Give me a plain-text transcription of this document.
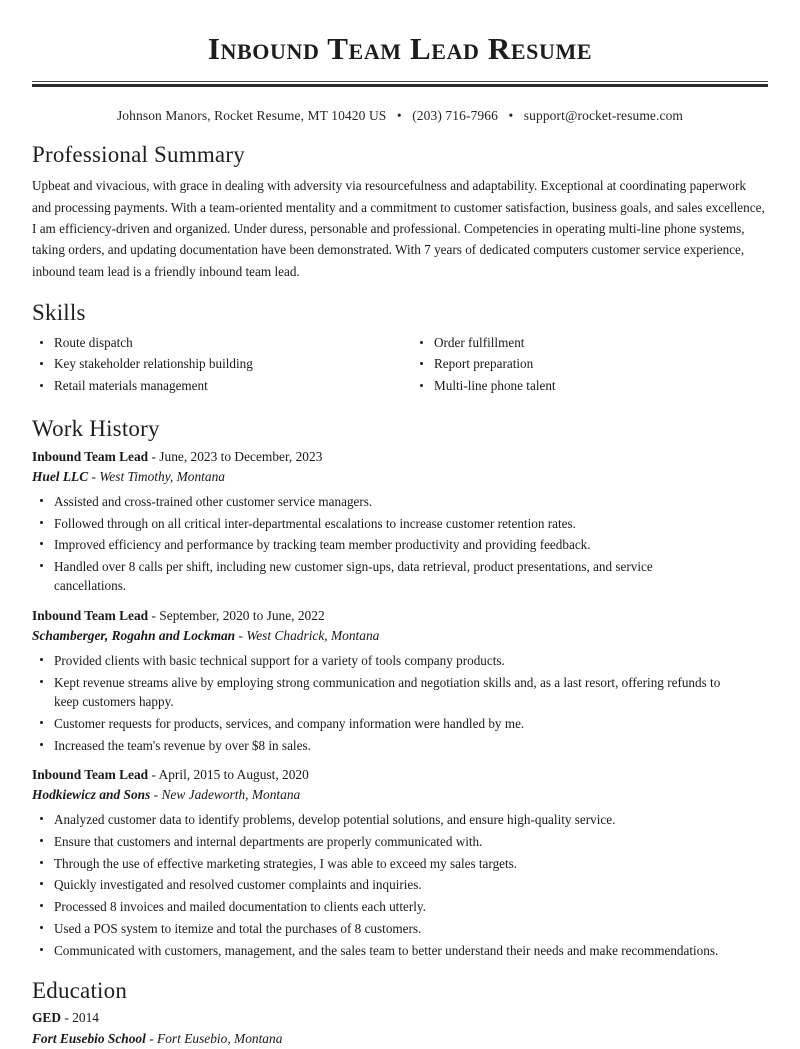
Inbound Team Lead Resume
Johnson Manors, Rocket Resume, MT 10420 US • (203) 716-7966 • support@rocket-resume.com
Professional Summary

Upbeat and vivacious, with grace in dealing with adversity via resourcefulness and adaptability. Exceptional at coordinating paperwork and processing payments. With a team-oriented mentality and a commitment to customer satisfaction, business goals, and sales excellence, I am efficiency-driven and organized. Under duress, personable and professional. Competencies in operating multi-line phone systems, taking orders, and updating documentation have been demonstrated. With 7 years of dedicated computers customer service experience, inbound team lead is a friendly inbound team lead.

Skills
Route dispatch
Key stakeholder relationship building
Retail materials management
Order fulfillment
Report preparation
Multi-line phone talent
Work History
Inbound Team Lead - June, 2023 to December, 2023
Huel LLC - West Timothy, Montana
Assisted and cross-trained other customer service managers.
Followed through on all critical inter-departmental escalations to increase customer retention rates.
Improved efficiency and performance by tracking team member productivity and providing feedback.
Handled over 8 calls per shift, including new customer sign-ups, data retrieval, product presentations, and service cancellations.
Inbound Team Lead - September, 2020 to June, 2022
Schamberger, Rogahn and Lockman - West Chadrick, Montana
Provided clients with basic technical support for a variety of tools company products.
Kept revenue streams alive by employing strong communication and negotiation skills and, as a last resort, offering refunds to keep customers happy.
Customer requests for products, services, and company information were handled by me.
Increased the team's revenue by over $8 in sales.
Inbound Team Lead - April, 2015 to August, 2020
Hodkiewicz and Sons - New Jadeworth, Montana
Analyzed customer data to identify problems, develop potential solutions, and ensure high-quality service.
Ensure that customers and internal departments are properly communicated with.
Through the use of effective marketing strategies, I was able to exceed my sales targets.
Quickly investigated and resolved customer complaints and inquiries.
Processed 8 invoices and mailed documentation to clients each utterly.
Used a POS system to itemize and total the purchases of 8 customers.
Communicated with customers, management, and the sales team to better understand their needs and make recommendations.
Education
GED - 2014
Fort Eusebio School - Fort Eusebio, Montana
